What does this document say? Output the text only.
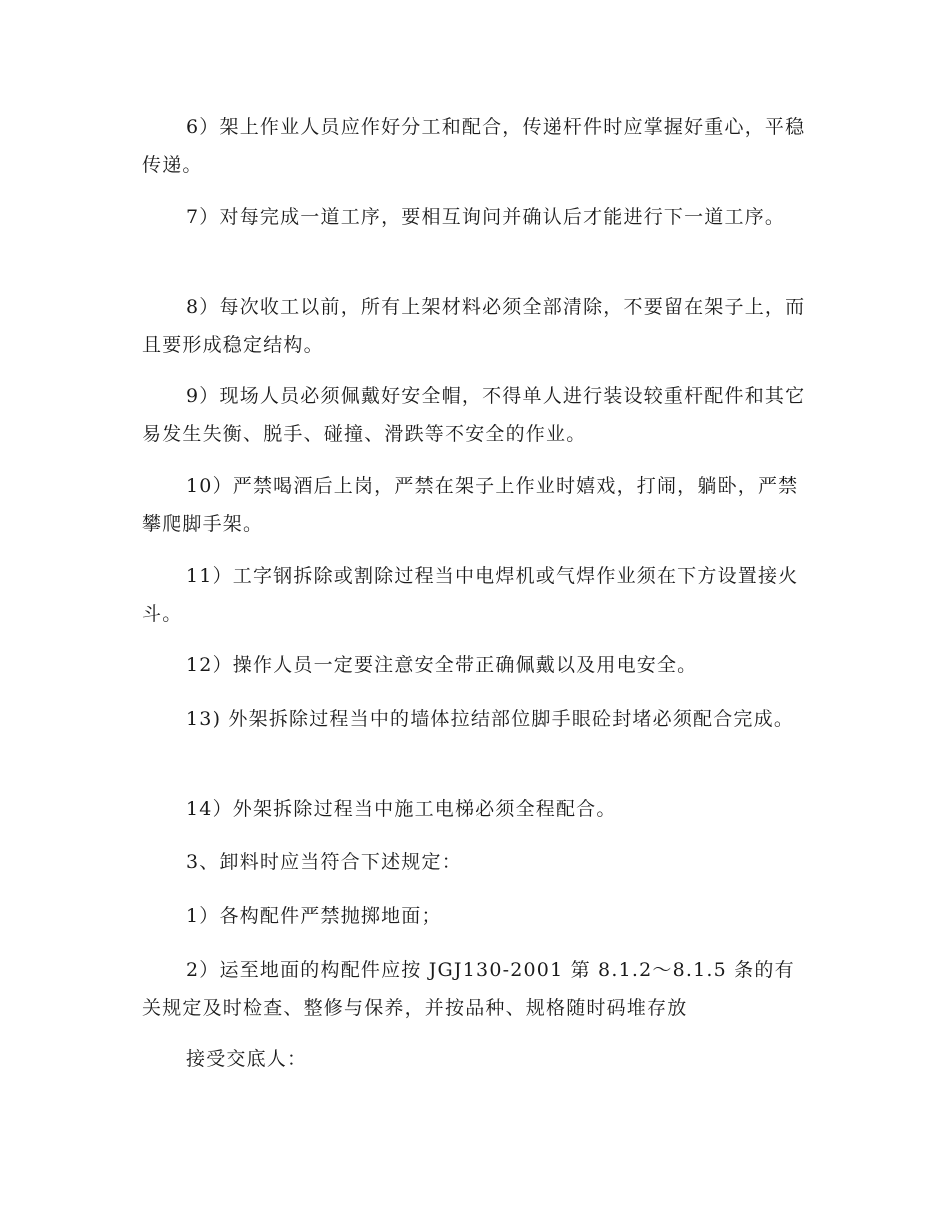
6）架上作业人员应作好分工和配合，传递杆件时应掌握好重心，平稳传递。

7）对每完成一道工序，要相互询问并确认后才能进行下一道工序。

8）每次收工以前，所有上架材料必须全部清除，不要留在架子上，而且要形成稳定结构。

9）现场人员必须佩戴好安全帽，不得单人进行装设较重杆配件和其它易发生失衡、脱手、碰撞、滑跌等不安全的作业。

10）严禁喝酒后上岗，严禁在架子上作业时嬉戏，打闹，躺卧，严禁攀爬脚手架。

11）工字钢拆除或割除过程当中电焊机或气焊作业须在下方设置接火斗。

12）操作人员一定要注意安全带正确佩戴以及用电安全。

13) 外架拆除过程当中的墙体拉结部位脚手眼砼封堵必须配合完成。

14）外架拆除过程当中施工电梯必须全程配合。

3、卸料时应当符合下述规定：

1）各构配件严禁抛掷地面；

2）运至地面的构配件应按 JGJ130-2001 第 8.1.2～8.1.5 条的有关规定及时检查、整修与保养，并按品种、规格随时码堆存放

接受交底人：
